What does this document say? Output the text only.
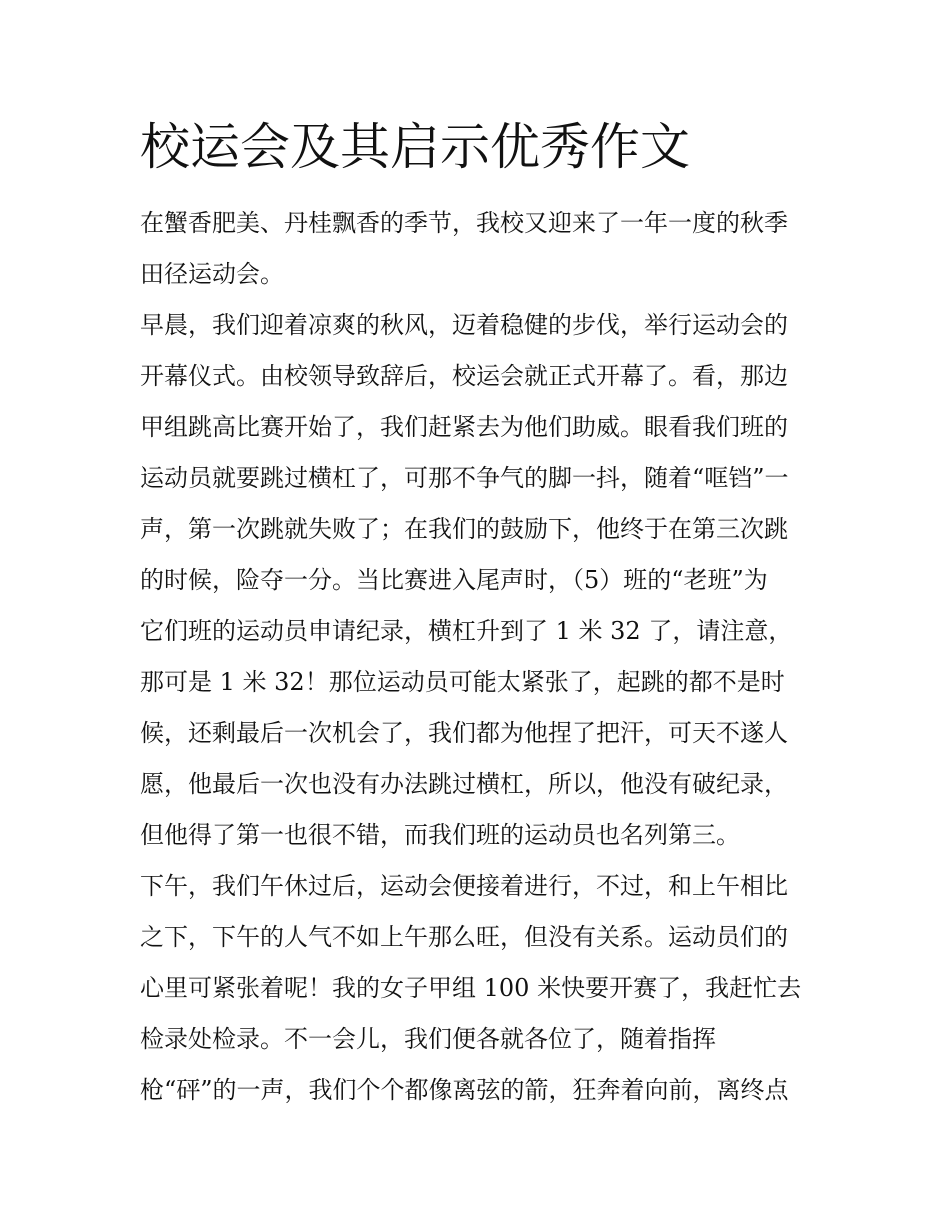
校运会及其启示优秀作文
在蟹香肥美、丹桂飘香的季节，我校又迎来了一年一度的秋季
田径运动会。
早晨，我们迎着凉爽的秋风，迈着稳健的步伐，举行运动会的
开幕仪式。由校领导致辞后，校运会就正式开幕了。看，那边
甲组跳高比赛开始了，我们赶紧去为他们助威。眼看我们班的
运动员就要跳过横杠了，可那不争气的脚一抖，随着“哐铛”一
声，第一次跳就失败了；在我们的鼓励下，他终于在第三次跳
的时候，险夺一分。当比赛进入尾声时，（5）班的“老班”为
它们班的运动员申请纪录，横杠升到了 1 米 32 了，请注意，
那可是 1 米 32！那位运动员可能太紧张了，起跳的都不是时
候，还剩最后一次机会了，我们都为他捏了把汗，可天不遂人
愿，他最后一次也没有办法跳过横杠，所以，他没有破纪录，
但他得了第一也很不错，而我们班的运动员也名列第三。
下午，我们午休过后，运动会便接着进行，不过，和上午相比
之下，下午的人气不如上午那么旺，但没有关系。运动员们的
心里可紧张着呢！我的女子甲组 100 米快要开赛了，我赶忙去
检录处检录。不一会儿，我们便各就各位了，随着指挥
枪“砰”的一声，我们个个都像离弦的箭，狂奔着向前，离终点
